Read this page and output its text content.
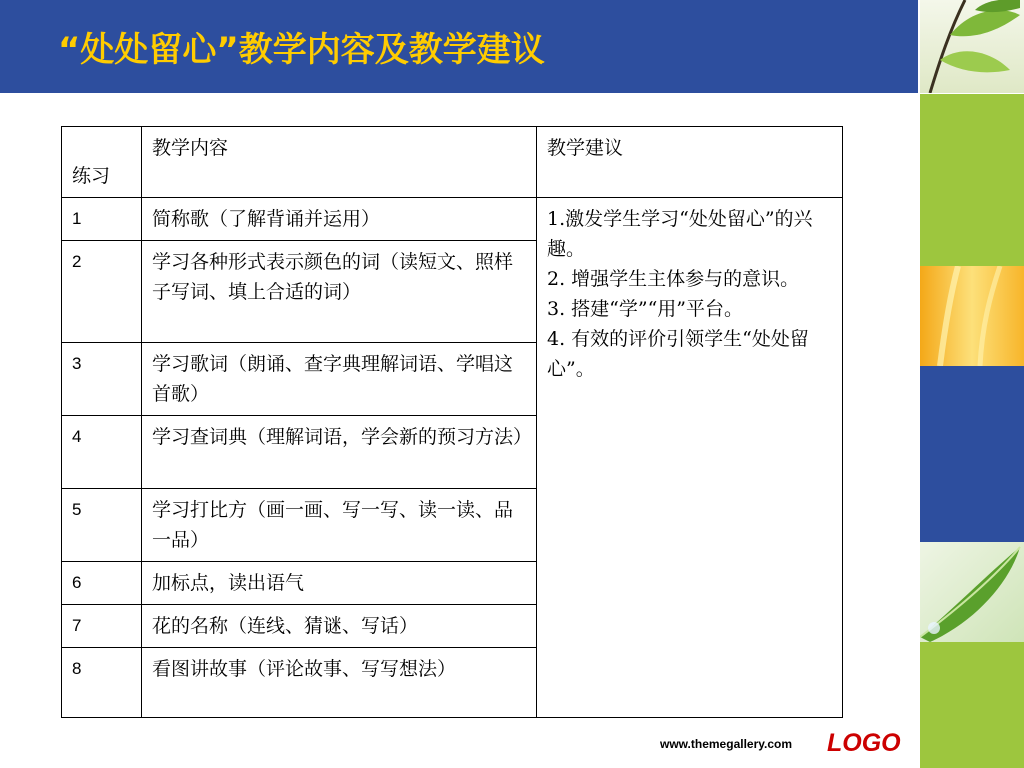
“处处留心”教学内容及教学建议
练习	教学内容	教学建议
1	简称歌（了解背诵并运用）	1.激发学生学习“处处留心”的兴趣。
2. 增强学生主体参与的意识。
3. 搭建“学”“用”平台。
4. 有效的评价引领学生“处处留心”。

2	学习各种形式表示颜色的词（读短文、照样子写词、填上合适的词）	
3	学习歌词（朗诵、查字典理解词语、学唱这首歌）	
4	学习查词典（理解词语，学会新的预习方法）	
5	学习打比方（画一画、写一写、读一读、品一品）	
6	加标点，读出语气	
7	花的名称（连线、猜谜、写话）	
8	看图讲故事（评论故事、写写想法）	
www.themegallery.com LOGO
